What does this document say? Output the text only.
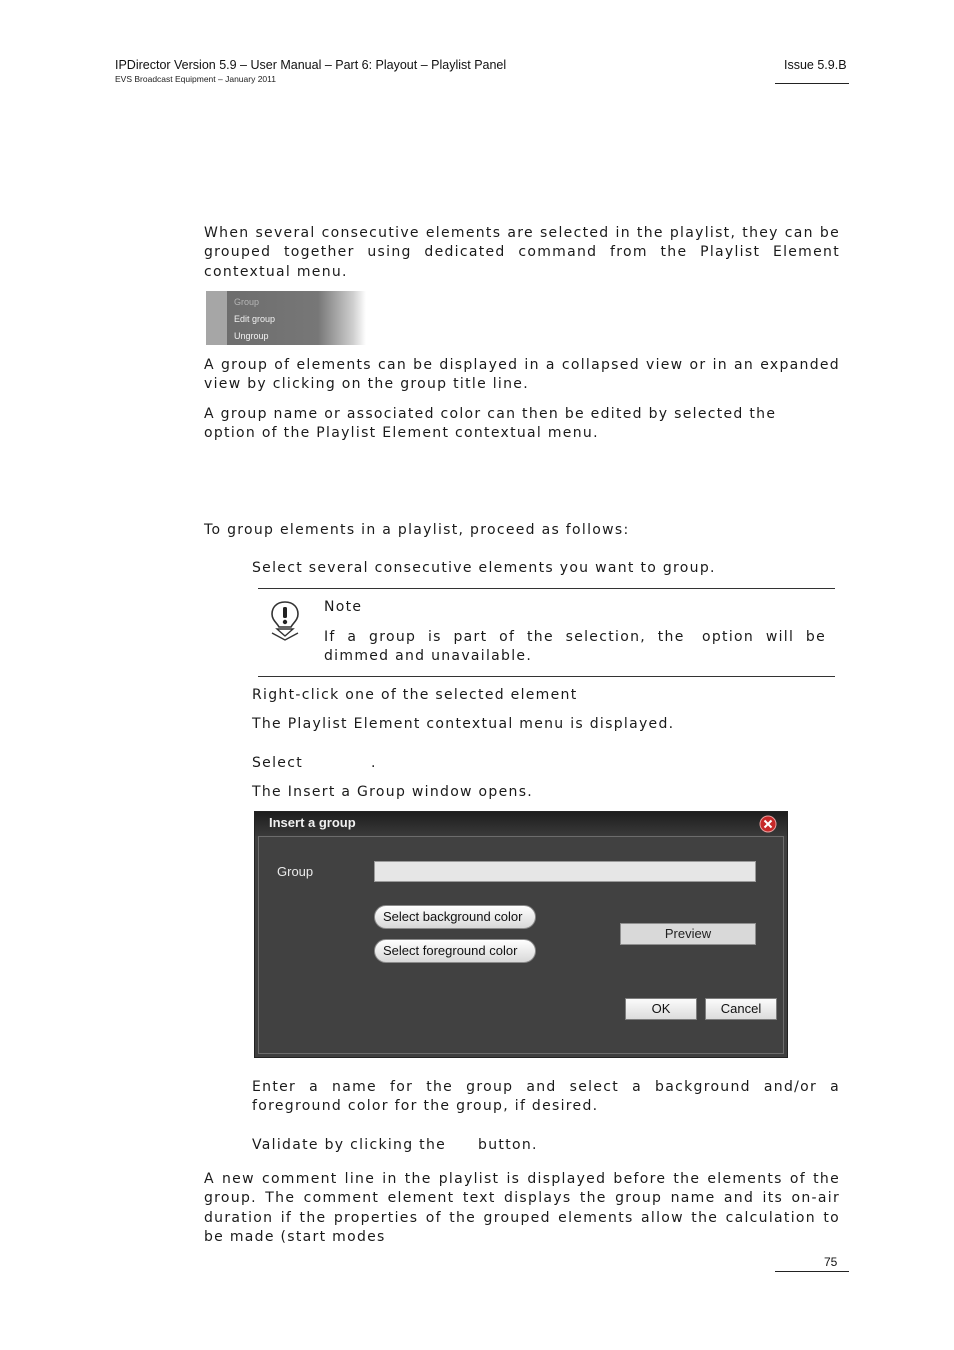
IPDirector Version 5.9 – User Manual – Part 6: Playout – Playlist Panel
EVS Broadcast Equipment – January 2011
Issue 5.9.B
When several consecutive elements are selected in the playlist, they can be grouped together using dedicated command from the Playlist Element contextual menu.
Group
Edit group
Ungroup
A group of elements can be displayed in a collapsed view or in an expanded view by clicking on the group title line.
A group name or associated color can then be edited by selected the
option of the Playlist Element contextual menu.
To group elements in a playlist, proceed as follows:
Select several consecutive elements you want to group.
Note
If a group is part of the selection, the option will be
dimmed and unavailable.
Right-click one of the selected element
The Playlist Element contextual menu is displayed.
Select	.
The Insert a Group window opens.
Insert a group
Group
Select background color
Select foreground color
Preview
OK	Cancel
Enter a name for the group and select a background and/or a foreground color for the group, if desired.
Validate by clicking the button.
A new comment line in the playlist is displayed before the elements of the group. The comment element text displays the group name and its on-air duration if the properties of the grouped elements allow the calculation to be made (start modes
75
